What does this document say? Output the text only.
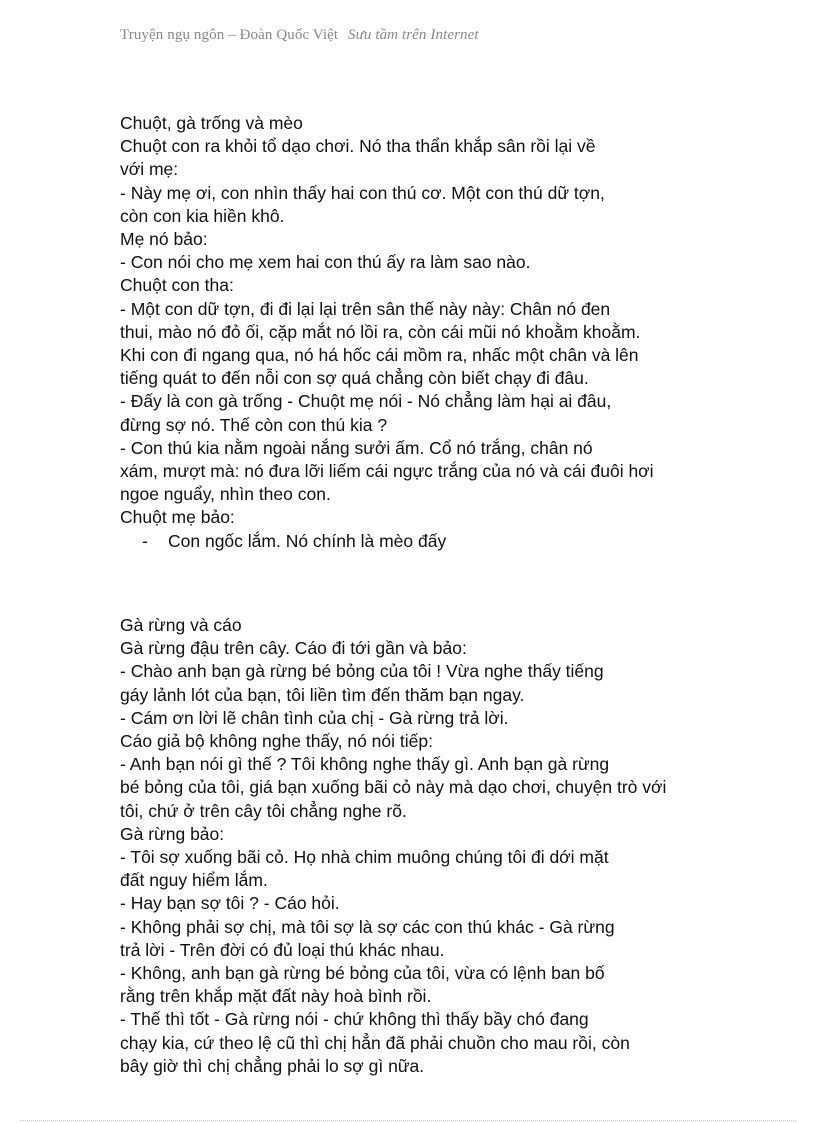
Truyện ngụ ngôn – Đoàn Quốc Việt Sưu tầm trên Internet

Chuột, gà trống và mèo

Chuột con ra khỏi tổ dạo chơi. Nó tha thẩn khắp sân rồi lại về

với mẹ:

- Này mẹ ơi, con nhìn thấy hai con thú cơ. Một con thú dữ tợn,

còn con kia hiền khô.

Mẹ nó bảo:

- Con nói cho mẹ xem hai con thú ấy ra làm sao nào.

Chuột con tha:

- Một con dữ tợn, đi đi lại lại trên sân thế này này: Chân nó đen

thui, mào nó đỏ ối, cặp mắt nó lồi ra, còn cái mũi nó khoằm khoằm.

Khi con đi ngang qua, nó há hốc cái mồm ra, nhấc một chân và lên

tiếng quát to đến nỗi con sợ quá chẳng còn biết chạy đi đâu.

- Đấy là con gà trống - Chuột mẹ nói - Nó chẳng làm hại ai đâu,

đừng sợ nó. Thế còn con thú kia ?

- Con thú kia nằm ngoài nắng sưởi ấm. Cổ nó trắng, chân nó

xám, mượt mà: nó đưa lỡi liếm cái ngực trắng của nó và cái đuôi hơi

ngoe nguẩy, nhìn theo con.

Chuột mẹ bảo:

- Con ngốc lắm. Nó chính là mèo đấy

Gà rừng và cáo

Gà rừng đậu trên cây. Cáo đi tới gần và bảo:

- Chào anh bạn gà rừng bé bỏng của tôi ! Vừa nghe thấy tiếng

gáy lảnh lót của bạn, tôi liền tìm đến thăm bạn ngay.

- Cám ơn lời lẽ chân tình của chị - Gà rừng trả lời.

Cáo giả bộ không nghe thấy, nó nói tiếp:

- Anh bạn nói gì thế ? Tôi không nghe thấy gì. Anh bạn gà rừng

bé bỏng của tôi, giá bạn xuống bãi cỏ này mà dạo chơi, chuyện trò với

tôi, chứ ở trên cây tôi chẳng nghe rõ.

Gà rừng bảo:

- Tôi sợ xuống bãi cỏ. Họ nhà chim muông chúng tôi đi dới mặt

đất nguy hiểm lắm.

- Hay bạn sợ tôi ? - Cáo hỏi.

- Không phải sợ chị, mà tôi sợ là sợ các con thú khác - Gà rừng

trả lời - Trên đời có đủ loại thú khác nhau.

- Không, anh bạn gà rừng bé bỏng của tôi, vừa có lệnh ban bố

rằng trên khắp mặt đất này hoà bình rồi.

- Thế thì tốt - Gà rừng nói - chứ không thì thấy bầy chó đang

chạy kia, cứ theo lệ cũ thì chị hẳn đã phải chuồn cho mau rồi, còn

bây giờ thì chị chẳng phải lo sợ gì nữa.
